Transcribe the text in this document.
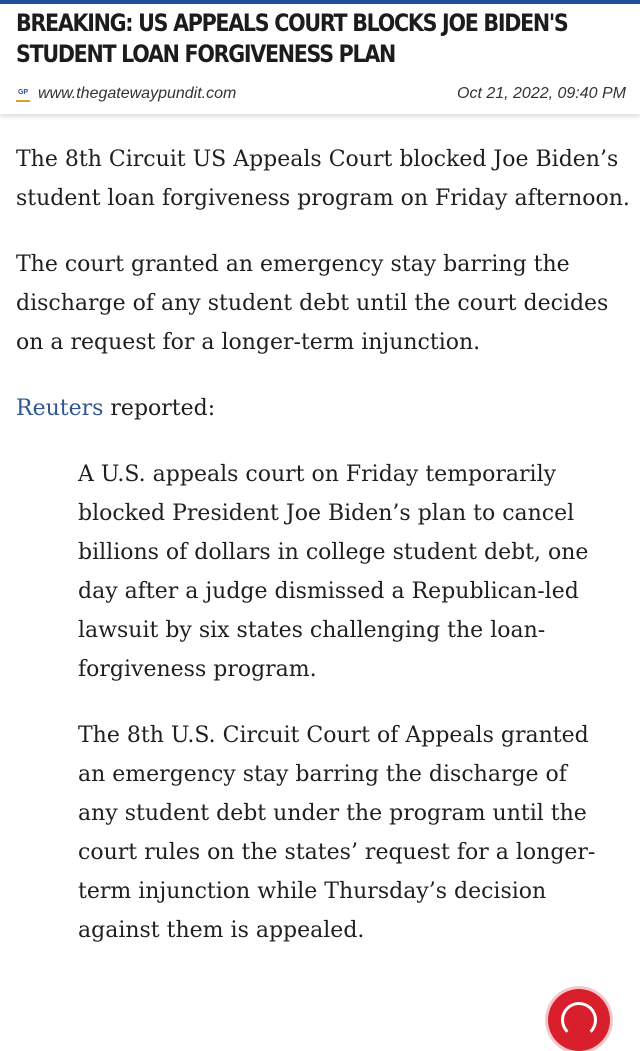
BREAKING: US APPEALS COURT BLOCKS JOE BIDEN'S STUDENT LOAN FORGIVENESS PLAN
GP www.thegatewaypundit.com	Oct 21, 2022, 09:40 PM

The 8th Circuit US Appeals Court blocked Joe Biden’s student loan forgiveness program on Friday afternoon.

The court granted an emergency stay barring the discharge of any student debt until the court decides on a request for a longer-term injunction.

Reuters reported:

A U.S. appeals court on Friday temporarily blocked President Joe Biden’s plan to cancel billions of dollars in college student debt, one day after a judge dismissed a Republican-led lawsuit by six states challenging the loan-forgiveness program.

The 8th U.S. Circuit Court of Appeals granted an emergency stay barring the discharge of any student debt under the program until the court rules on the states’ request for a longer-term injunction while Thursday’s decision against them is appealed.
